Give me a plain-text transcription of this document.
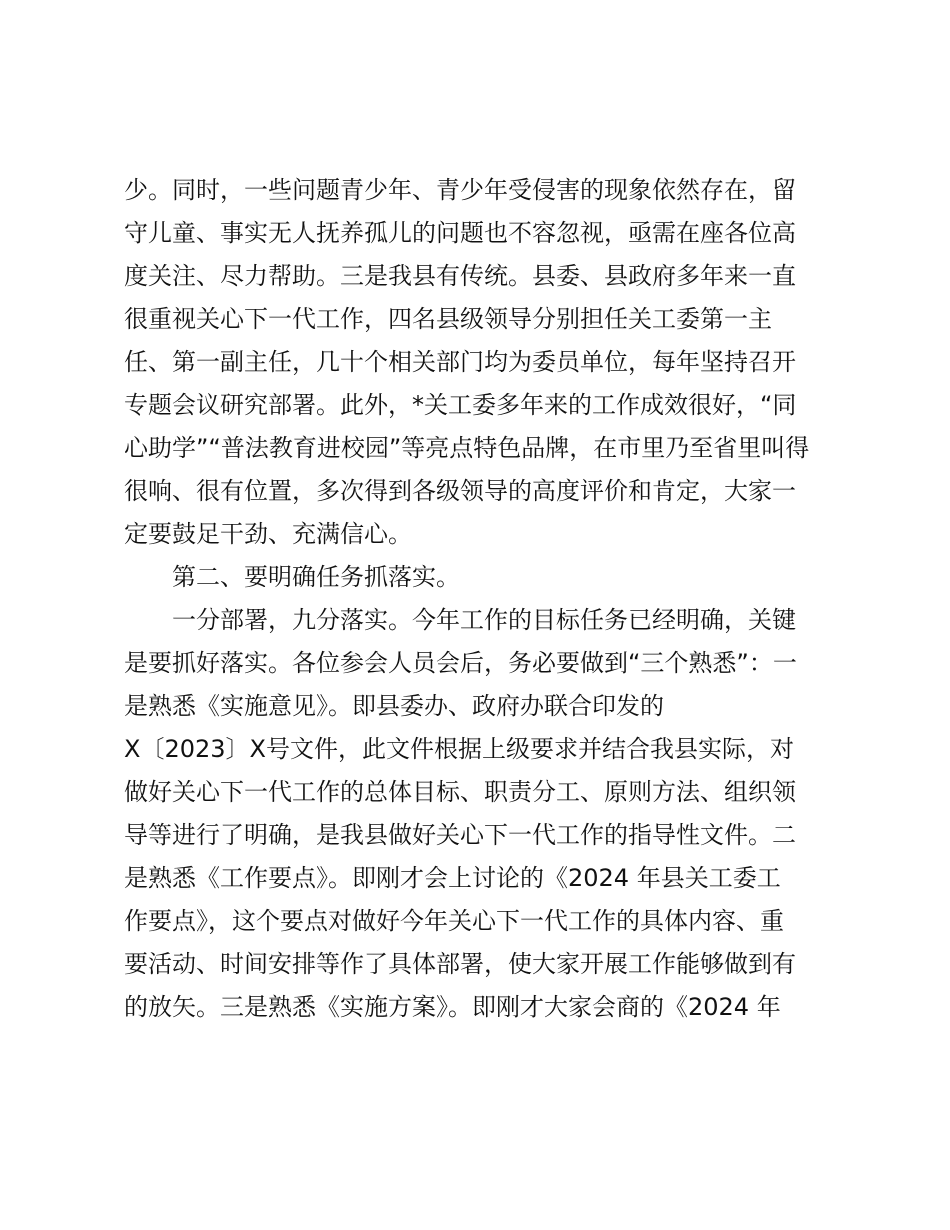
少。同时，一些问题青少年、青少年受侵害的现象依然存在，留
守儿童、事实无人抚养孤儿的问题也不容忽视，亟需在座各位高
度关注、尽力帮助。三是我县有传统。县委、县政府多年来一直
很重视关心下一代工作，四名县级领导分别担任关工委第一主
任、第一副主任，几十个相关部门均为委员单位，每年坚持召开
专题会议研究部署。此外，*关工委多年来的工作成效很好，“同
心助学”“普法教育进校园”等亮点特色品牌，在市里乃至省里叫得
很响、很有位置，多次得到各级领导的高度评价和肯定，大家一
定要鼓足干劲、充满信心。
　　第二、要明确任务抓落实。
　　一分部署，九分落实。今年工作的目标任务已经明确，关键
是要抓好落实。各位参会人员会后，务必要做到“三个熟悉”：一
是熟悉《实施意见》。即县委办、政府办联合印发的
X〔2023〕X号文件，此文件根据上级要求并结合我县实际，对
做好关心下一代工作的总体目标、职责分工、原则方法、组织领
导等进行了明确，是我县做好关心下一代工作的指导性文件。二
是熟悉《工作要点》。即刚才会上讨论的《2024 年县关工委工
作要点》，这个要点对做好今年关心下一代工作的具体内容、重
要活动、时间安排等作了具体部署，使大家开展工作能够做到有
的放矢。三是熟悉《实施方案》。即刚才大家会商的《2024 年
